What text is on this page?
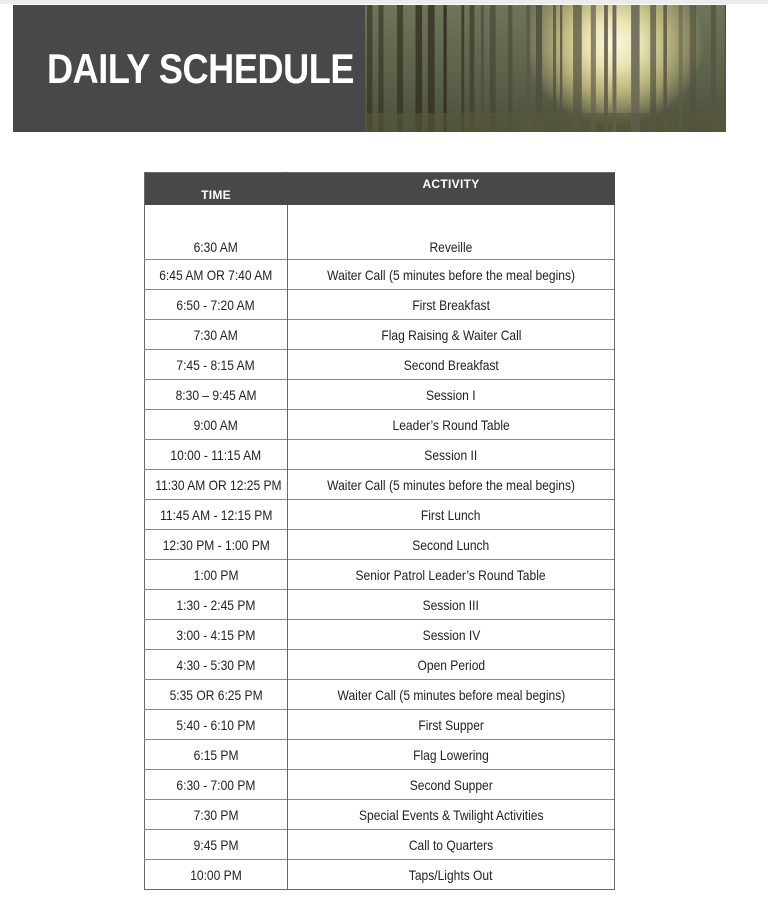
DAILY SCHEDULE
TIME	ACTIVITY
6:30 AM	Reveille
6:45 AM OR 7:40 AM	Waiter Call (5 minutes before the meal begins)
6:50 - 7:20 AM	First Breakfast
7:30 AM	Flag Raising & Waiter Call
7:45 - 8:15 AM	Second Breakfast
8:30 – 9:45 AM	Session I
9:00 AM	Leader’s Round Table
10:00 - 11:15 AM	Session II
11:30 AM OR 12:25 PM	Waiter Call (5 minutes before the meal begins)
11:45 AM - 12:15 PM	First Lunch
12:30 PM - 1:00 PM	Second Lunch
1:00 PM	Senior Patrol Leader’s Round Table
1:30 - 2:45 PM	Session III
3:00 - 4:15 PM	Session IV
4:30 - 5:30 PM	Open Period
5:35 OR 6:25 PM	Waiter Call (5 minutes before meal begins)
5:40 - 6:10 PM	First Supper
6:15 PM	Flag Lowering
6:30 - 7:00 PM	Second Supper
7:30 PM	Special Events & Twilight Activities
9:45 PM	Call to Quarters
10:00 PM	Taps/Lights Out
